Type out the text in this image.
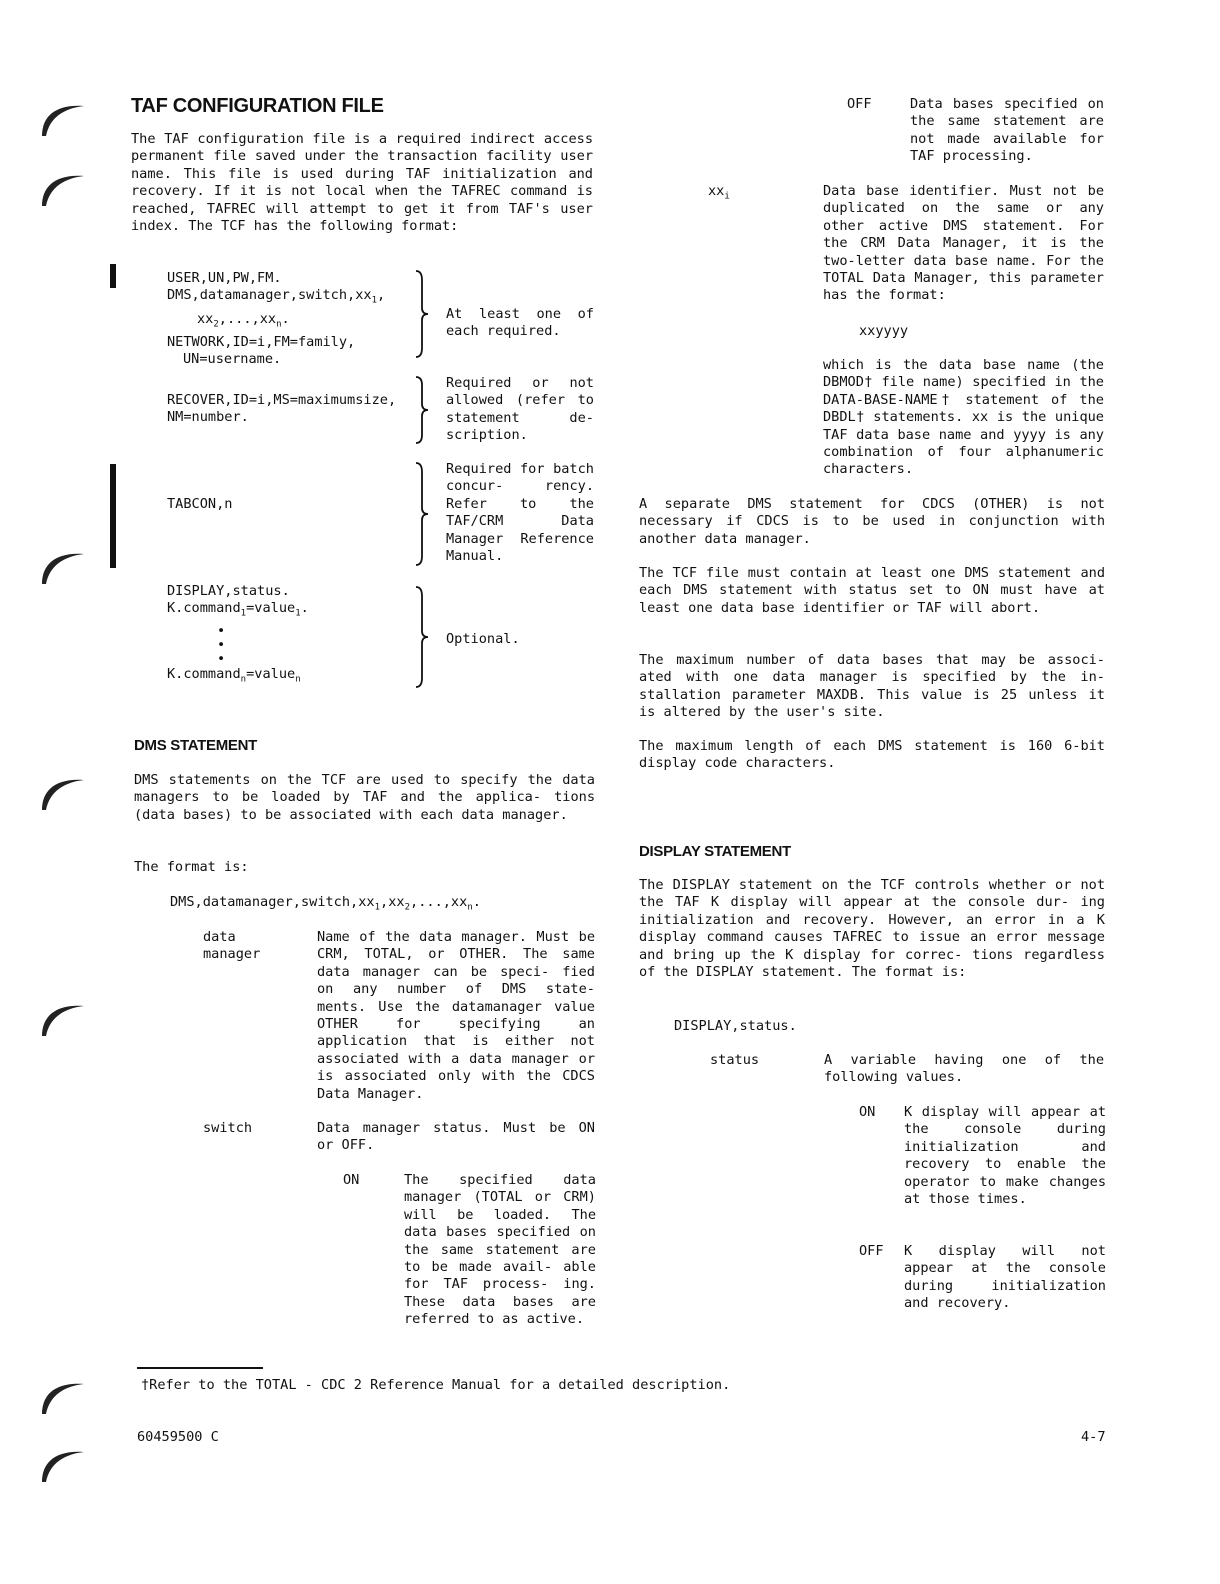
TAF CONFIGURATION FILE

The TAF configuration file is a required indirect access permanent file saved under the transaction facility user name. This file is used during TAF initialization and recovery. If it is not local when the TAFREC command is reached, TAFREC will attempt to get it from TAF's user index. The TCF has the following format:

USER,UN,PW,FM.
$DMS,datamanager,switch,xx_1$,
$xx_2,...,xx_n$.
NETWORK,ID=i,FM=family,
UN=username.
At least one of each required.
RECOVER,ID=i,MS=maximumsize,
NM=number.
Required or not allowed (refer to statement de- scription.
TABCON,n
Required for batch concur- rency. Refer to the TAF/CRM Data Manager Reference Manual.
DISPLAY,status.
K.command$_1$=value$_1$.
•
•
•
K.command$_n$=value$_n$
Optional.
DMS STATEMENT

DMS statements on the TCF are used to specify the data managers to be loaded by TAF and the applica- tions (data bases) to be associated with each data manager.

The format is:
$DMS,datamanager,switch,xx_1,xx_2,...,xx_n$.
data manager
Name of the data manager. Must be CRM, TOTAL, or OTHER. The same data manager can be speci- fied on any number of DMS state- ments. Use the datamanager value OTHER for specifying an application that is either not associated with a data manager or is associated only with the CDCS Data Manager.
switch	Data manager status. Must be ON or OFF.
ON	The specified data manager (TOTAL or CRM) will be loaded. The data bases specified on the same statement are to be made avail- able for TAF process- ing. These data bases are referred to as active.
OFF	Data bases specified on the same statement are not made available for TAF processing.
$xx_i$	Data base identifier. Must not be duplicated on the same or any other active DMS statement. For the CRM Data Manager, it is the two-letter data base name. For the TOTAL Data Manager, this parameter has the format:
xxyyyy
which is the data base name (the DBMOD† file name) specified in the DATA-BASE-NAME† statement of the DBDL† statements. xx is the unique TAF data base name and yyyy is any combination of four alphanumeric characters.

A separate DMS statement for CDCS (OTHER) is not necessary if CDCS is to be used in conjunction with another data manager.

The TCF file must contain at least one DMS statement and each DMS statement with status set to ON must have at least one data base identifier or TAF will abort.

The maximum number of data bases that may be associ- ated with one data manager is specified by the in- stallation parameter MAXDB. This value is 25 unless it is altered by the user's site.

The maximum length of each DMS statement is 160 6-bit display code characters.

DISPLAY STATEMENT

The DISPLAY statement on the TCF controls whether or not the TAF K display will appear at the console dur- ing initialization and recovery. However, an error in a K display command causes TAFREC to issue an error message and bring up the K display for correc- tions regardless of the DISPLAY statement. The format is:

DISPLAY,status.
status	A variable having one of the following values.
ON K display will appear at the console during initialization and recovery to enable the operator to make changes at those times.
OFF K display will not appear at the console during initialization and recovery.
†Refer to the TOTAL - CDC 2 Reference Manual for a detailed description.
60459500 C	4-7
